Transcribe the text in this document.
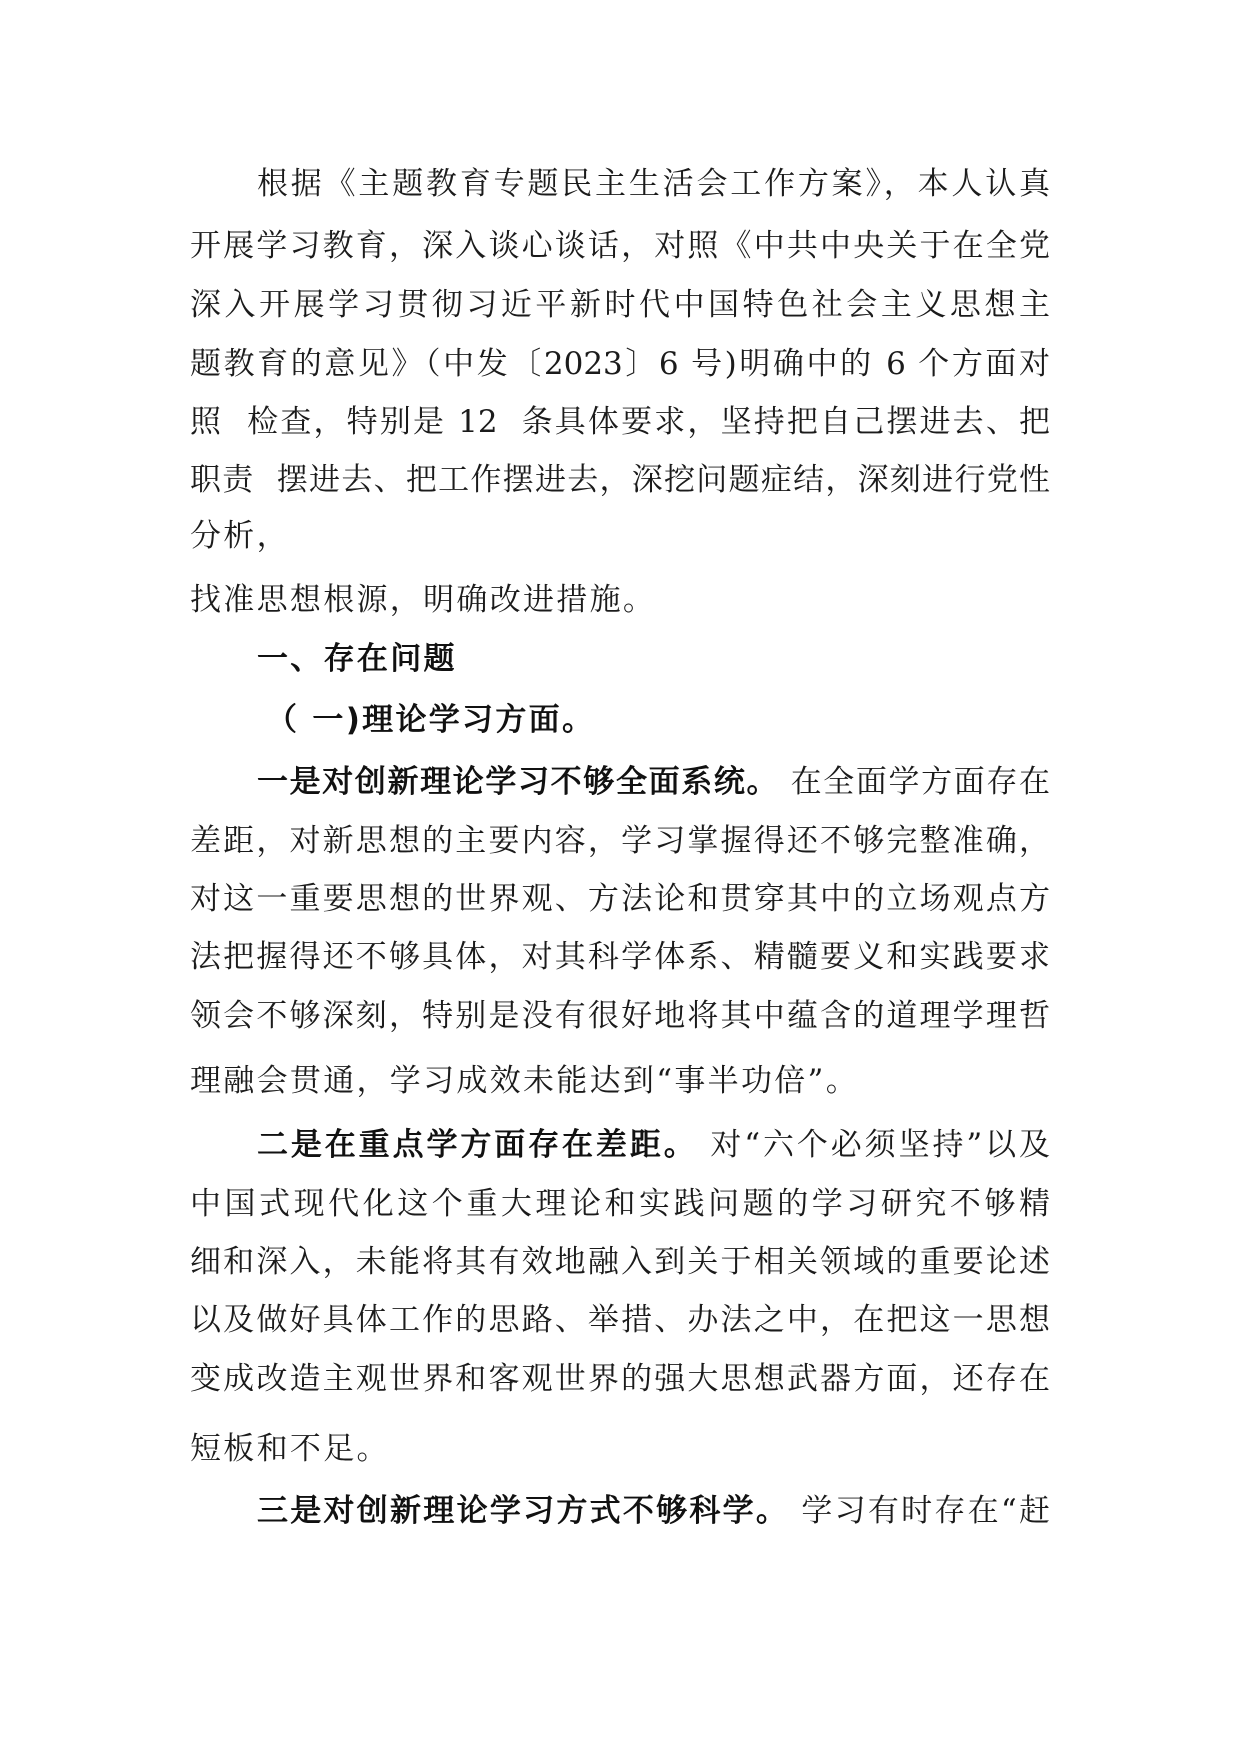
根据《主题教育专题民主生活会工作方案》，本人认真
开展学习教育，深入谈心谈话，对照《中共中央关于在全党
深入开展学习贯彻习近平新时代中国特色社会主义思想主
题教育的意见》（中发〔2023〕6 号)明确中的 6 个方面对
照  检查，特别是 12  条具体要求，坚持把自己摆进去、把
职责  摆进去、把工作摆进去，深挖问题症结，深刻进行党性
分析，
找准思想根源，明确改进措施。
一、存在问题
（ 一)理论学习方面。
一是对创新理论学习不够全面系统。 在全面学方面存在
差距，对新思想的主要内容，学习掌握得还不够完整准确，
对这一重要思想的世界观、方法论和贯穿其中的立场观点方
法把握得还不够具体，对其科学体系、精髓要义和实践要求
领会不够深刻，特别是没有很好地将其中蕴含的道理学理哲
理融会贯通，学习成效未能达到“事半功倍”。
二是在重点学方面存在差距。 对“六个必须坚持”以及
中国式现代化这个重大理论和实践问题的学习研究不够精
细和深入，未能将其有效地融入到关于相关领域的重要论述
以及做好具体工作的思路、举措、办法之中，在把这一思想
变成改造主观世界和客观世界的强大思想武器方面，还存在
短板和不足。
三是对创新理论学习方式不够科学。 学习有时存在“赶
